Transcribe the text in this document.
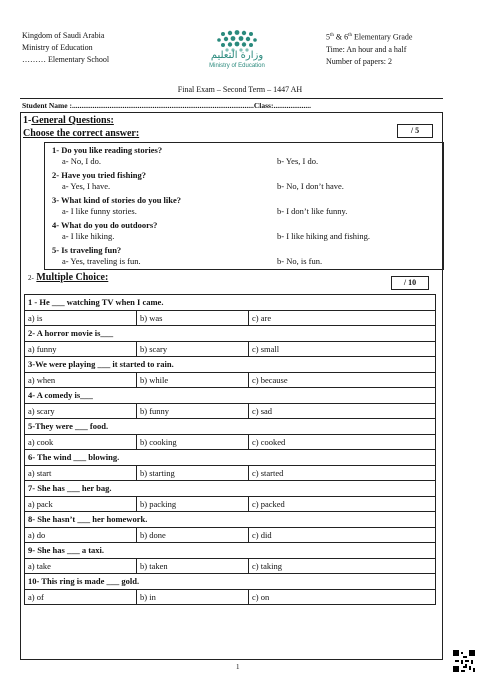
Kingdom of Saudi Arabia
Ministry of Education
……… Elementary School	وزارة التعليم
Ministry of Education
5th & 6th Elementary Grade
Time: An hour and a half
Number of papers: 2
Final Exam – Second Term – 1447 AH
Student Name :.................................................................................................Class:....................
1-General Questions:
Choose the correct answer:	/ 5
1- Do you like reading stories?
a- No, I do.	b- Yes, I do.
2- Have you tried fishing?
a- Yes, I have.	b- No, I don’t have.
3- What kind of stories do you like?
a- I like funny stories.	b- I don’t like funny.
4- What do you do outdoors?
a- I like hiking.	b- I like hiking and fishing.
5- Is traveling fun?
a- Yes, traveling is fun.	b- No, is fun.
2- Multiple Choice:	/ 10
1 - He ___ watching TV when I came.		
a) is	b) was	c) are
2- A horror movie is___		
a) funny	b) scary	c) small
3-We were playing ___ it started to rain.		
a) when	b) while	c) because
4- A comedy is___		
a) scary	b) funny	c) sad
5-They were ___ food.		
a) cook	b) cooking	c) cooked
6- The wind ___ blowing.		
a) start	b) starting	c) started
7- She has ___ her bag.		
a) pack	b) packing	c) packed
8- She hasn’t ___ her homework.		
a) do	b) done	c) did
9- She has ___ a taxi.		
a) take	b) taken	c) taking
10- This ring is made ___ gold.		
a) of	b) in	c) on
1
